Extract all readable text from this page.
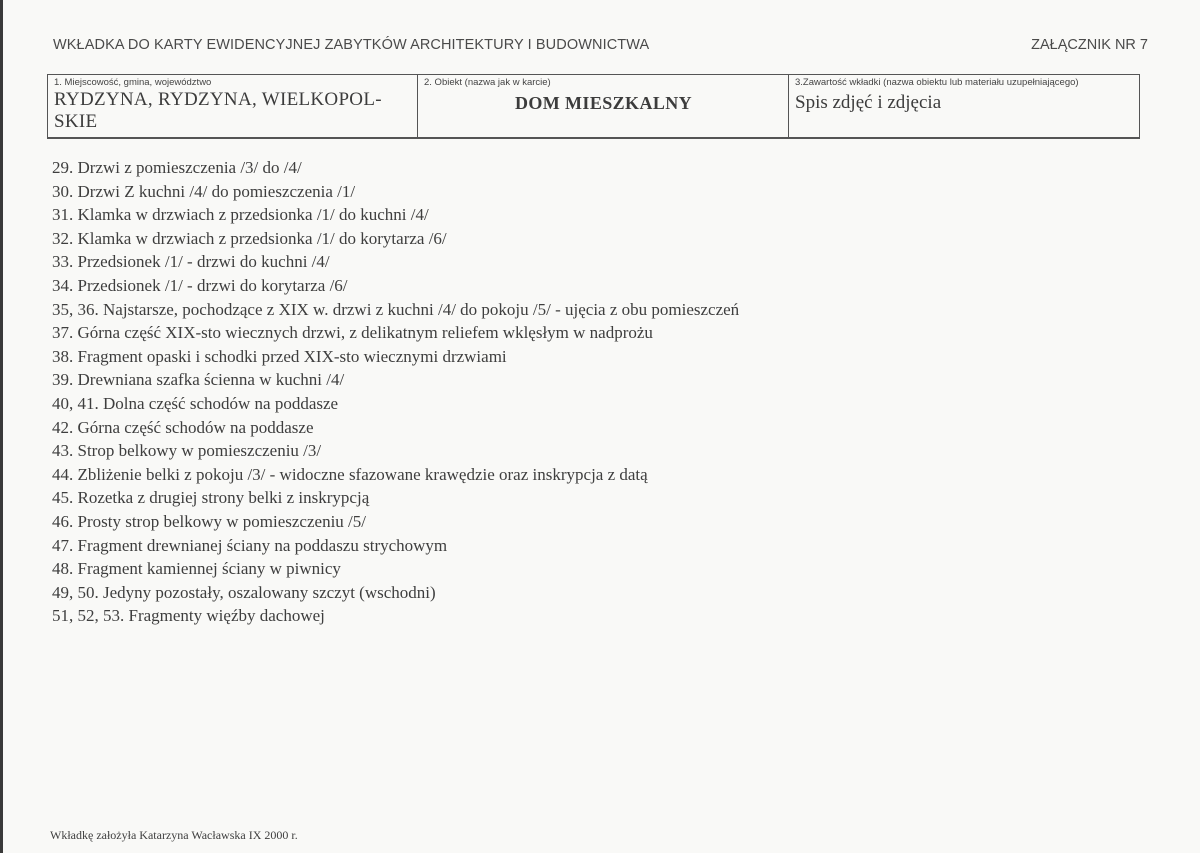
WKŁADKA DO KARTY EWIDENCYJNEJ ZABYTKÓW ARCHITEKTURY I BUDOWNICTWA	ZAŁĄCZNIK NR 7
1. Miejscowość, gmina, województwo
RYDZYNA, RYDZYNA, WIELKOPOL-
SKIE
2. Obiekt (nazwa jak w karcie)
DOM MIESZKALNY
3.Zawartość wkładki (nazwa obiektu lub materiału uzupełniającego)
Spis zdjęć i zdjęcia
29. Drzwi z pomieszczenia /3/ do /4/
30. Drzwi Z kuchni /4/ do pomieszczenia /1/
31. Klamka w drzwiach z przedsionka /1/ do kuchni /4/
32. Klamka w drzwiach z przedsionka /1/ do korytarza /6/
33. Przedsionek /1/ - drzwi do kuchni /4/
34. Przedsionek /1/ - drzwi do korytarza /6/
35, 36. Najstarsze, pochodzące z XIX w. drzwi z kuchni /4/ do pokoju /5/ - ujęcia z obu pomieszczeń
37. Górna część XIX-sto wiecznych drzwi, z delikatnym reliefem wklęsłym w nadprożu
38. Fragment opaski i schodki przed XIX-sto wiecznymi drzwiami
39. Drewniana szafka ścienna w kuchni /4/
40, 41. Dolna część schodów na poddasze
42. Górna część schodów na poddasze
43. Strop belkowy w pomieszczeniu /3/
44. Zbliżenie belki z pokoju /3/ - widoczne sfazowane krawędzie oraz inskrypcja z datą
45. Rozetka z drugiej strony belki z inskrypcją
46. Prosty strop belkowy w pomieszczeniu /5/
47. Fragment drewnianej ściany na poddaszu strychowym
48. Fragment kamiennej ściany w piwnicy
49, 50. Jedyny pozostały, oszalowany szczyt (wschodni)
51, 52, 53. Fragmenty więźby dachowej
Wkładkę założyła Katarzyna Wacławska IX 2000 r.
